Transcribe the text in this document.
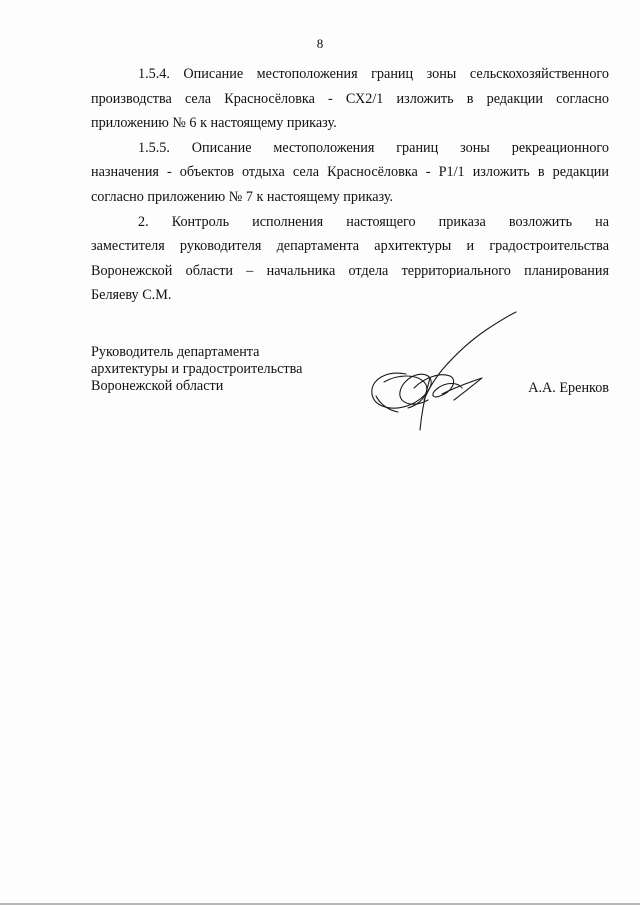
8
1.5.4. Описание местоположения границ зоны сельскохозяйственного
производства села Красносёловка - СХ2/1 изложить в редакции согласно
приложению № 6 к настоящему приказу.
1.5.5. Описание местоположения границ зоны рекреационного
назначения - объектов отдыха села Красносёловка - Р1/1 изложить в редакции
согласно приложению № 7 к настоящему приказу.
2. Контроль исполнения настоящего приказа возложить на
заместителя руководителя департамента архитектуры и градостроительства
Воронежской области – начальника отдела территориального планирования
Беляеву С.М.
Руководитель департамента
архитектуры и градостроительства
Воронежской области	А.А. Еренков
